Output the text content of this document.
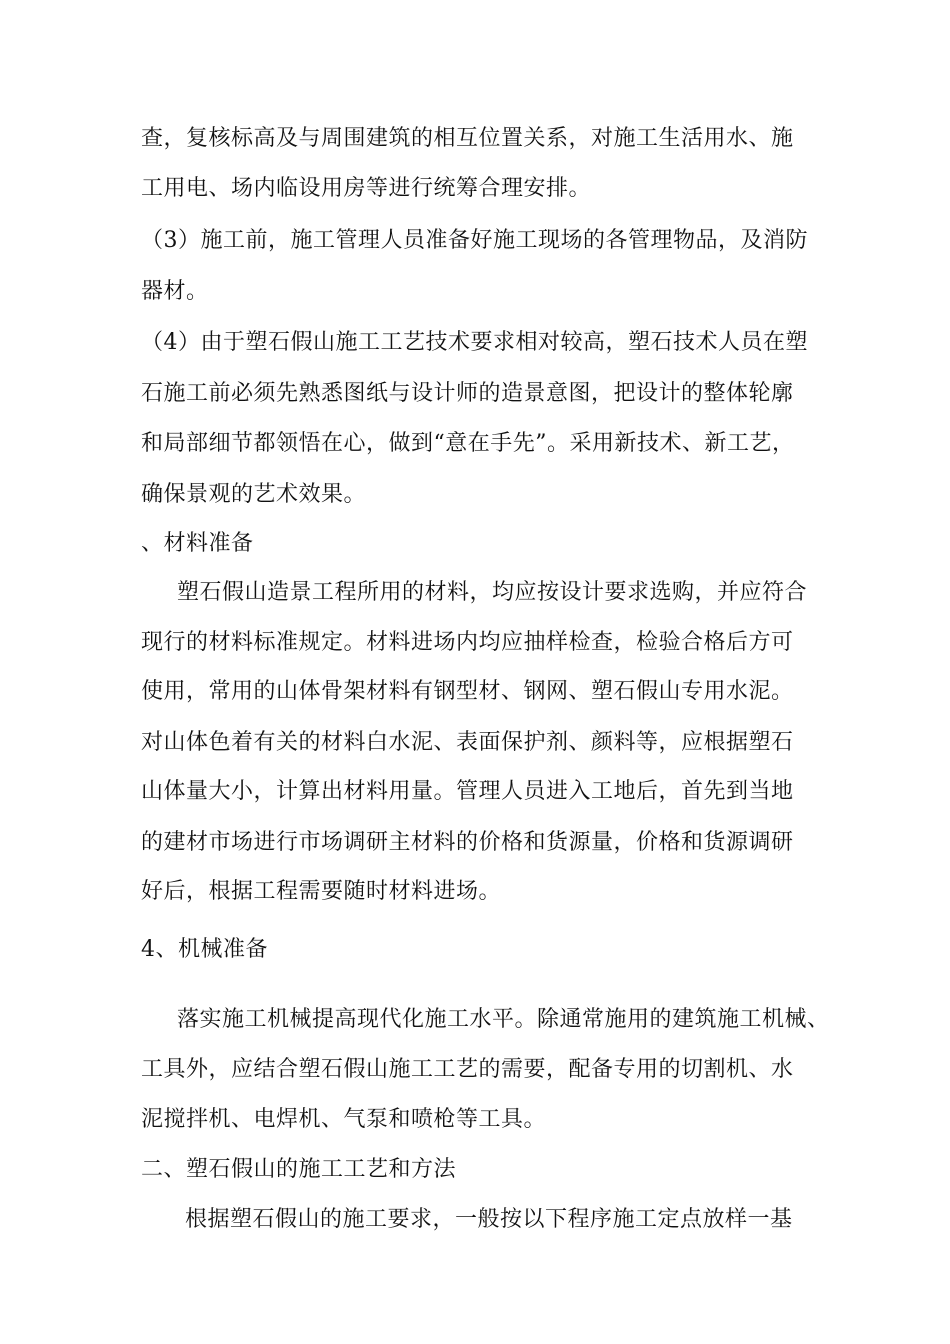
查，复核标高及与周围建筑的相互位置关系，对施工生活用水、施
工用电、场内临设用房等进行统筹合理安排。
（3）施工前，施工管理人员准备好施工现场的各管理物品，及消防
器材。
（4）由于塑石假山施工工艺技术要求相对较高，塑石技术人员在塑
石施工前必须先熟悉图纸与设计师的造景意图，把设计的整体轮廓
和局部细节都领悟在心，做到“意在手先”。采用新技术、新工艺，
确保景观的艺术效果。
、材料准备
塑石假山造景工程所用的材料，均应按设计要求选购，并应符合
现行的材料标准规定。材料进场内均应抽样检查，检验合格后方可
使用，常用的山体骨架材料有钢型材、钢网、塑石假山专用水泥。
对山体色着有关的材料白水泥、表面保护剂、颜料等，应根据塑石
山体量大小，计算出材料用量。管理人员进入工地后，首先到当地
的建材市场进行市场调研主材料的价格和货源量，价格和货源调研
好后，根据工程需要随时材料进场。
4、机械准备
落实施工机械提高现代化施工水平。除通常施用的建筑施工机械、
工具外，应结合塑石假山施工工艺的需要，配备专用的切割机、水
泥搅拌机、电焊机、气泵和喷枪等工具。
二、塑石假山的施工工艺和方法
根据塑石假山的施工要求，一般按以下程序施工定点放样一基
